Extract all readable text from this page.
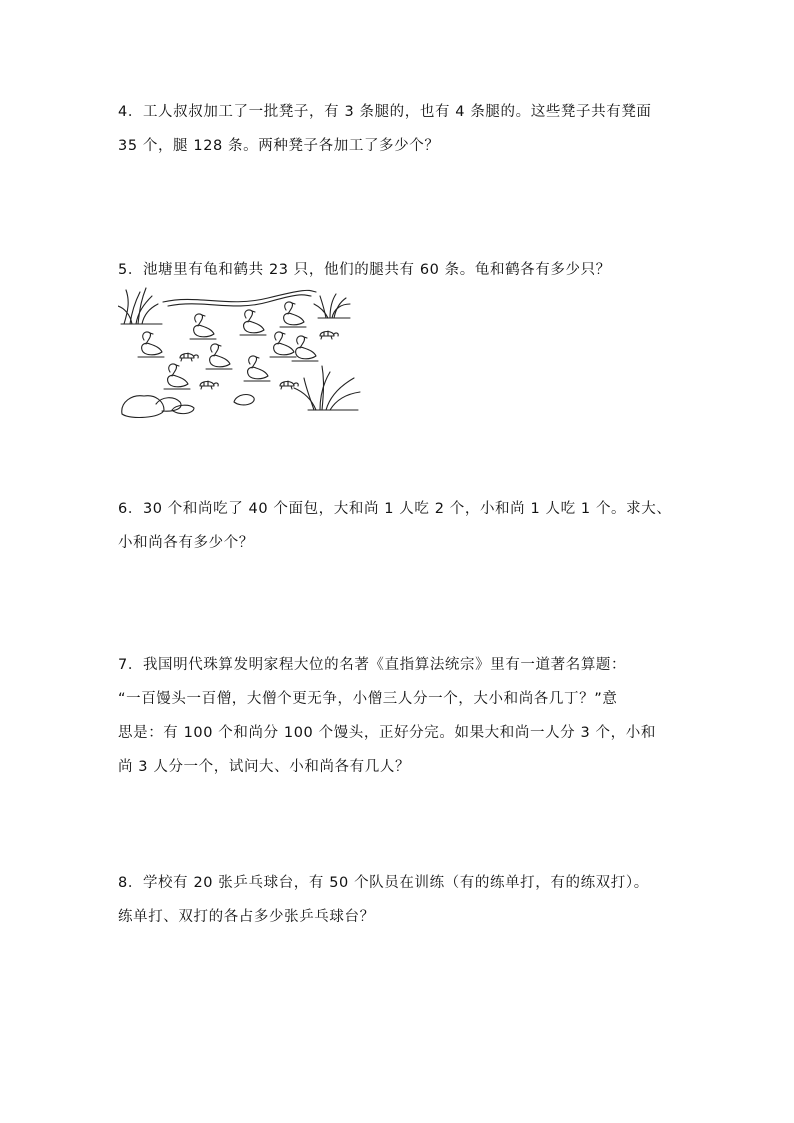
4．工人叔叔加工了一批凳子，有 3 条腿的，也有 4 条腿的。这些凳子共有凳面
35 个，腿 128 条。两种凳子各加工了多少个？
5．池塘里有龟和鹤共 23 只，他们的腿共有 60 条。龟和鹤各有多少只？
6．30 个和尚吃了 40 个面包，大和尚 1 人吃 2 个，小和尚 1 人吃 1 个。求大、
小和尚各有多少个？
7．我国明代珠算发明家程大位的名著《直指算法统宗》里有一道著名算题：
“一百馒头一百僧，大僧个更无争，小僧三人分一个，大小和尚各几丁？”意
思是：有 100 个和尚分 100 个馒头，正好分完。如果大和尚一人分 3 个，小和
尚 3 人分一个，试问大、小和尚各有几人？
8．学校有 20 张乒乓球台，有 50 个队员在训练（有的练单打，有的练双打）。
练单打、双打的各占多少张乒乓球台？
